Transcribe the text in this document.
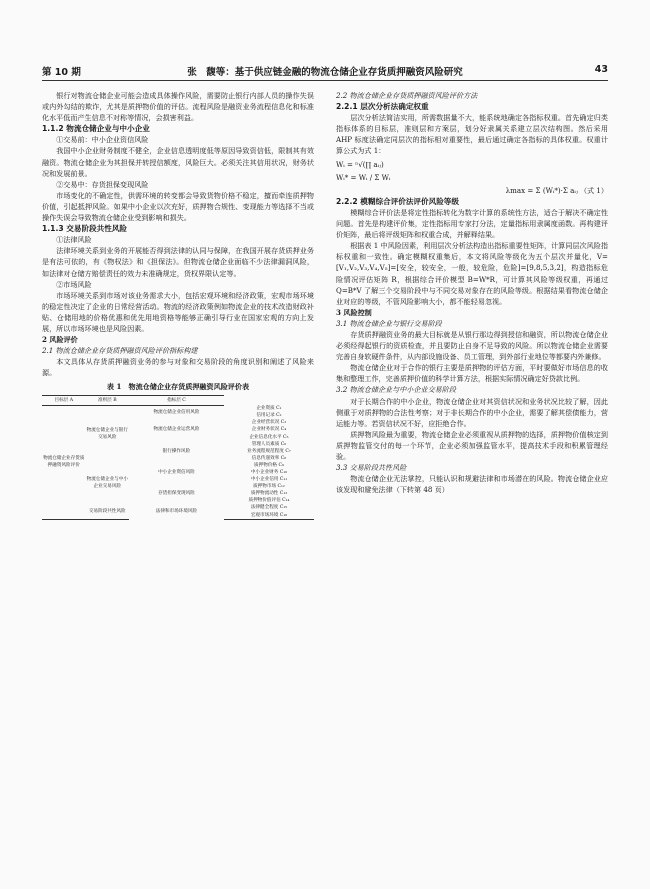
第 10 期	张　馥等：基于供应链金融的物流仓储企业存货质押融资风险研究	43

银行对物流仓储企业可能会造成具体操作风险，需要防止银行内部人员的操作失误或内外勾结的欺诈，尤其是质押物价值的评估。流程风险是融资业务流程信息化和标准化水平低而产生信息不对称等情况，会损害利益。

1.1.2 物流仓储企业与中小企业

①交易前：中小企业资信风险

我国中小企业财务制度不健全，企业信息透明度低等原因导致资信低，限制其有效融资。物流仓储企业为其担保并转授信额度，风险巨大。必须关注其信用状况，财务状况和发展前景。

②交易中：存货担保变现风险

市场变化的不确定性，供需环境的转变都会导致货物价格不稳定，擅而牵连质押物价值，引起抵押风险。如果中小企业以次充好，质押物合规性、变现能力等选择不当或操作失误会导致物流仓储企业受到影响和损失。

1.1.3 交易阶段共性风险

①法律风险

法律环境关系到业务的开展能否得到法律的认同与保障，在我国开展存货质押业务是有法可依的，有《物权法》和《担保法》。但物流仓储企业面临不少法律漏洞风险，如法律对仓储方赔偿责任的效力未准确规定，货权界限认定等。

②市场风险

市场环境关系到市场对该业务需求大小，包括宏观环境和经济政策，宏观市场环境的稳定性决定了企业的日常经营活动。物流的经济政策例如物流企业的技术改造财政补贴、仓储用地的价格优惠和优先用地资格等能够正确引导行业在国家宏观的方向上发展，所以市场环境也是风险因素。

2 风险评价

2.1 物流仓储企业存货质押融资风险评价指标构建

本文具体从存货质押融资业务的参与对象和交易阶段的角度识别和阐述了风险来源。

表 1　物流仓储企业存货质押融资风险评价表

目标层 A	准则层 B	指标层 C	
物流仓储企业存货质押融资风险评价	物流仓储企业与银行交易风险	物流仓储企业信用风险	企业资质 C₁
			信用记录 C₂
		物流仓储企业运营风险	企业经营状况 C₃
			企业财务状况 C₄
			企业信息化水平 C₅
		银行操作风险	管理人员素质 C₆
			业务流程规范程度 C₇
			信息传递效率 C₈
	物流仓储企业与中小企业交易风险	中小企业资信风险	质押物价格 C₉
			中小企业财务 C₁₀
			中小企业信用 C₁₁
		存货担保变现风险	质押物市场 C₁₂
			质押物流动性 C₁₃
			质押物价值评估 C₁₄
	交易阶段共性风险	法律和市场环境风险	法律健全程度 C₁₅
			宏观市场环境 C₁₆

2.2 物流仓储企业存货质押融资风险评价方法

2.2.1 层次分析法确定权重

层次分析法简洁实用，所需数据量不大，能系统地确定各指标权重。首先确定归类指标体系的目标层，准则层和方案层，划分好隶属关系建立层次结构图。然后采用 AHP 标度法确定同层次的指标相对重要性，最后通过确定各指标的具体权重。权重计算公式为式 1：

Wᵢ = ⁿ√(∏ aᵢⱼ)

Wᵢ* = Wᵢ / Σ Wᵢ

λmax = Σ (Wᵢ*)·Σ aᵢⱼ （式 1）

2.2.2 模糊综合评价法评价风险等级

模糊综合评价法是将定性指标转化为数字计算的系统性方法，适合于解决不确定性问题。首先是构建评价集，定性指标用专家打分法，定量指标用隶属度函数。再构建评价矩阵，最后将评级矩阵和权重合成，并解释结果。

根据表 1 中风险因素，利用层次分析法构造出指标重要性矩阵，计算同层次风险指标权重和一致性。确定模糊权重集后，本文将风险等级化为五个层次并量化，V=[V₁,V₂,V₃,V₄,V₅]=[安全，较安全，一般，较危险，危险]=[9,8,5,3,2]，构造指标危险情况评估矩阵 R，根据综合评价模型 B=W*R，可计算其风险等级权重，再通过 Q=B*V 了解三个交易阶段中与不同交易对象存在的风险等级。根据结果看物流仓储企业对应的等级，不管风险影响大小，都不能轻易忽视。

3 风险控制

3.1 物流仓储企业与银行交易阶段

存货质押融资业务的最大目标就是从银行那边得到授信和融资，所以物流仓储企业必须经得起银行的资质检查，并且要防止自身不足导致的风险。所以物流仓储企业需要完善自身软硬件条件，从内部设施设备、员工管理，到外部行业地位等都要内外兼修。

物流仓储企业对于合作的银行主要是质押物的评估方面，平时要做好市场信息的收集和整理工作，完善质押价值的科学计算方法，根据实际情况确定好贷款比例。

3.2 物流仓储企业与中小企业交易阶段

对于长期合作的中小企业，物流仓储企业对其资信状况和业务状况比较了解，因此侧重于对质押物的合法性考察；对于非长期合作的中小企业，需要了解其偿债能力，营运能力等。若资信状况不好，应拒绝合作。

质押物风险最为重要，物流仓储企业必须重视从质押物的选择，质押物价值核定到质押物监管交付的每一个环节，企业必须加强监管水平，提高技术手段和积累管理经验。

3.3 交易阶段共性风险

物流仓储企业无法掌控，只能认识和规避法律和市场潜在的风险。物流仓储企业应该发现和避免法律（下转第 48 页）
